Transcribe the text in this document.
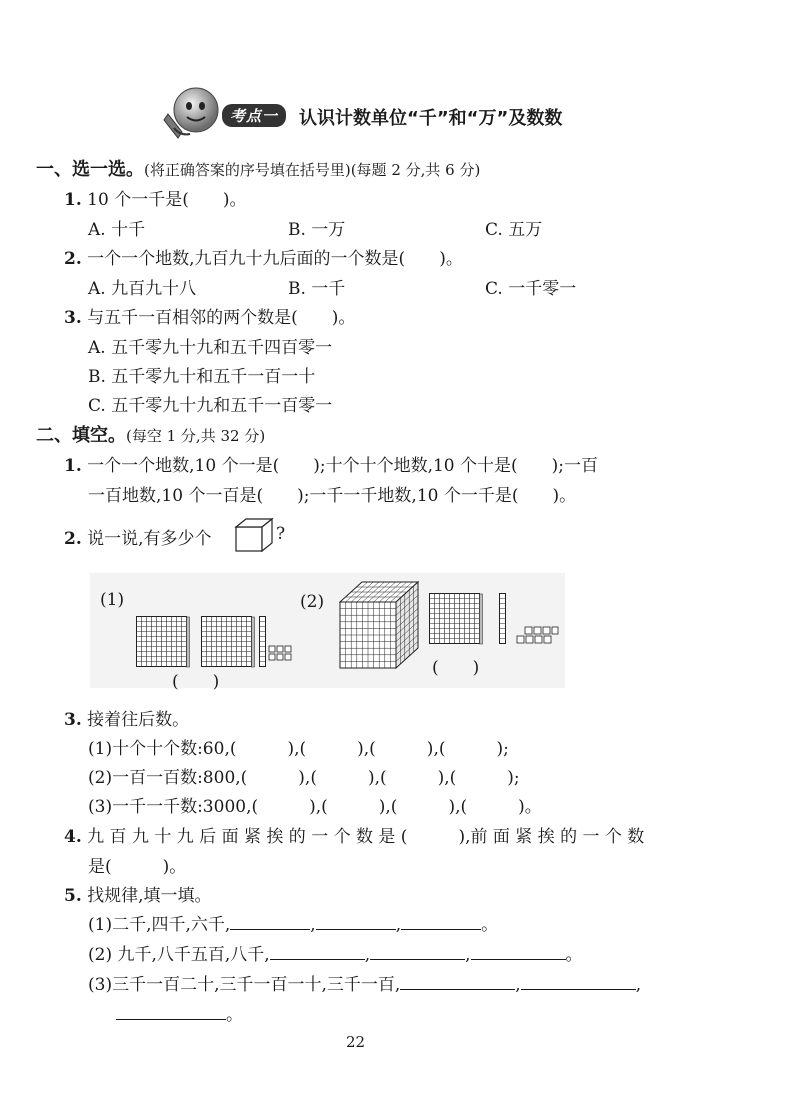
考点一	认识计数单位“千”和“万”及数数
一、选一选。(将正确答案的序号填在括号里)(每题 2 分,共 6 分)
1. 10 个一千是(　　)。
A. 十千	B. 一万	C. 五万
2. 一个一个地数,九百九十九后面的一个数是(　　)。
A. 九百九十八	B. 一千	C. 一千零一
3. 与五千一百相邻的两个数是(　　)。
A. 五千零九十九和五千四百零一
B. 五千零九十和五千一百一十
C. 五千零九十九和五千一百零一
二、填空。(每空 1 分,共 32 分)
1. 一个一个地数,10 个一是(　　);十个十个地数,10 个十是(　　);一百
一百地数,10 个一百是(　　);一千一千地数,10 个一千是(　　)。
2. 说一说,有多少个	?
(1)	(2)
(　　)
(　　)
3. 接着往后数。
(1)十个十个数:60,(　　　),(　　　),(　　　),(　　　);
(2)一百一百数:800,(　　　),(　　　),(　　　),(　　　);
(3)一千一千数:3000,(　　　),(　　　),(　　　),(　　　)。
4. 九 百 九 十 九 后 面 紧 挨 的 一 个 数 是 (　　　),前 面 紧 挨 的 一 个 数
是(　　　)。
5. 找规律,填一填。
(1)二千,四千,六千,	,	,	。
(2) 九千,八千五百,八千,	,	,	。
(3)三千一百二十,三千一百一十,三千一百,	,	,
。
22
